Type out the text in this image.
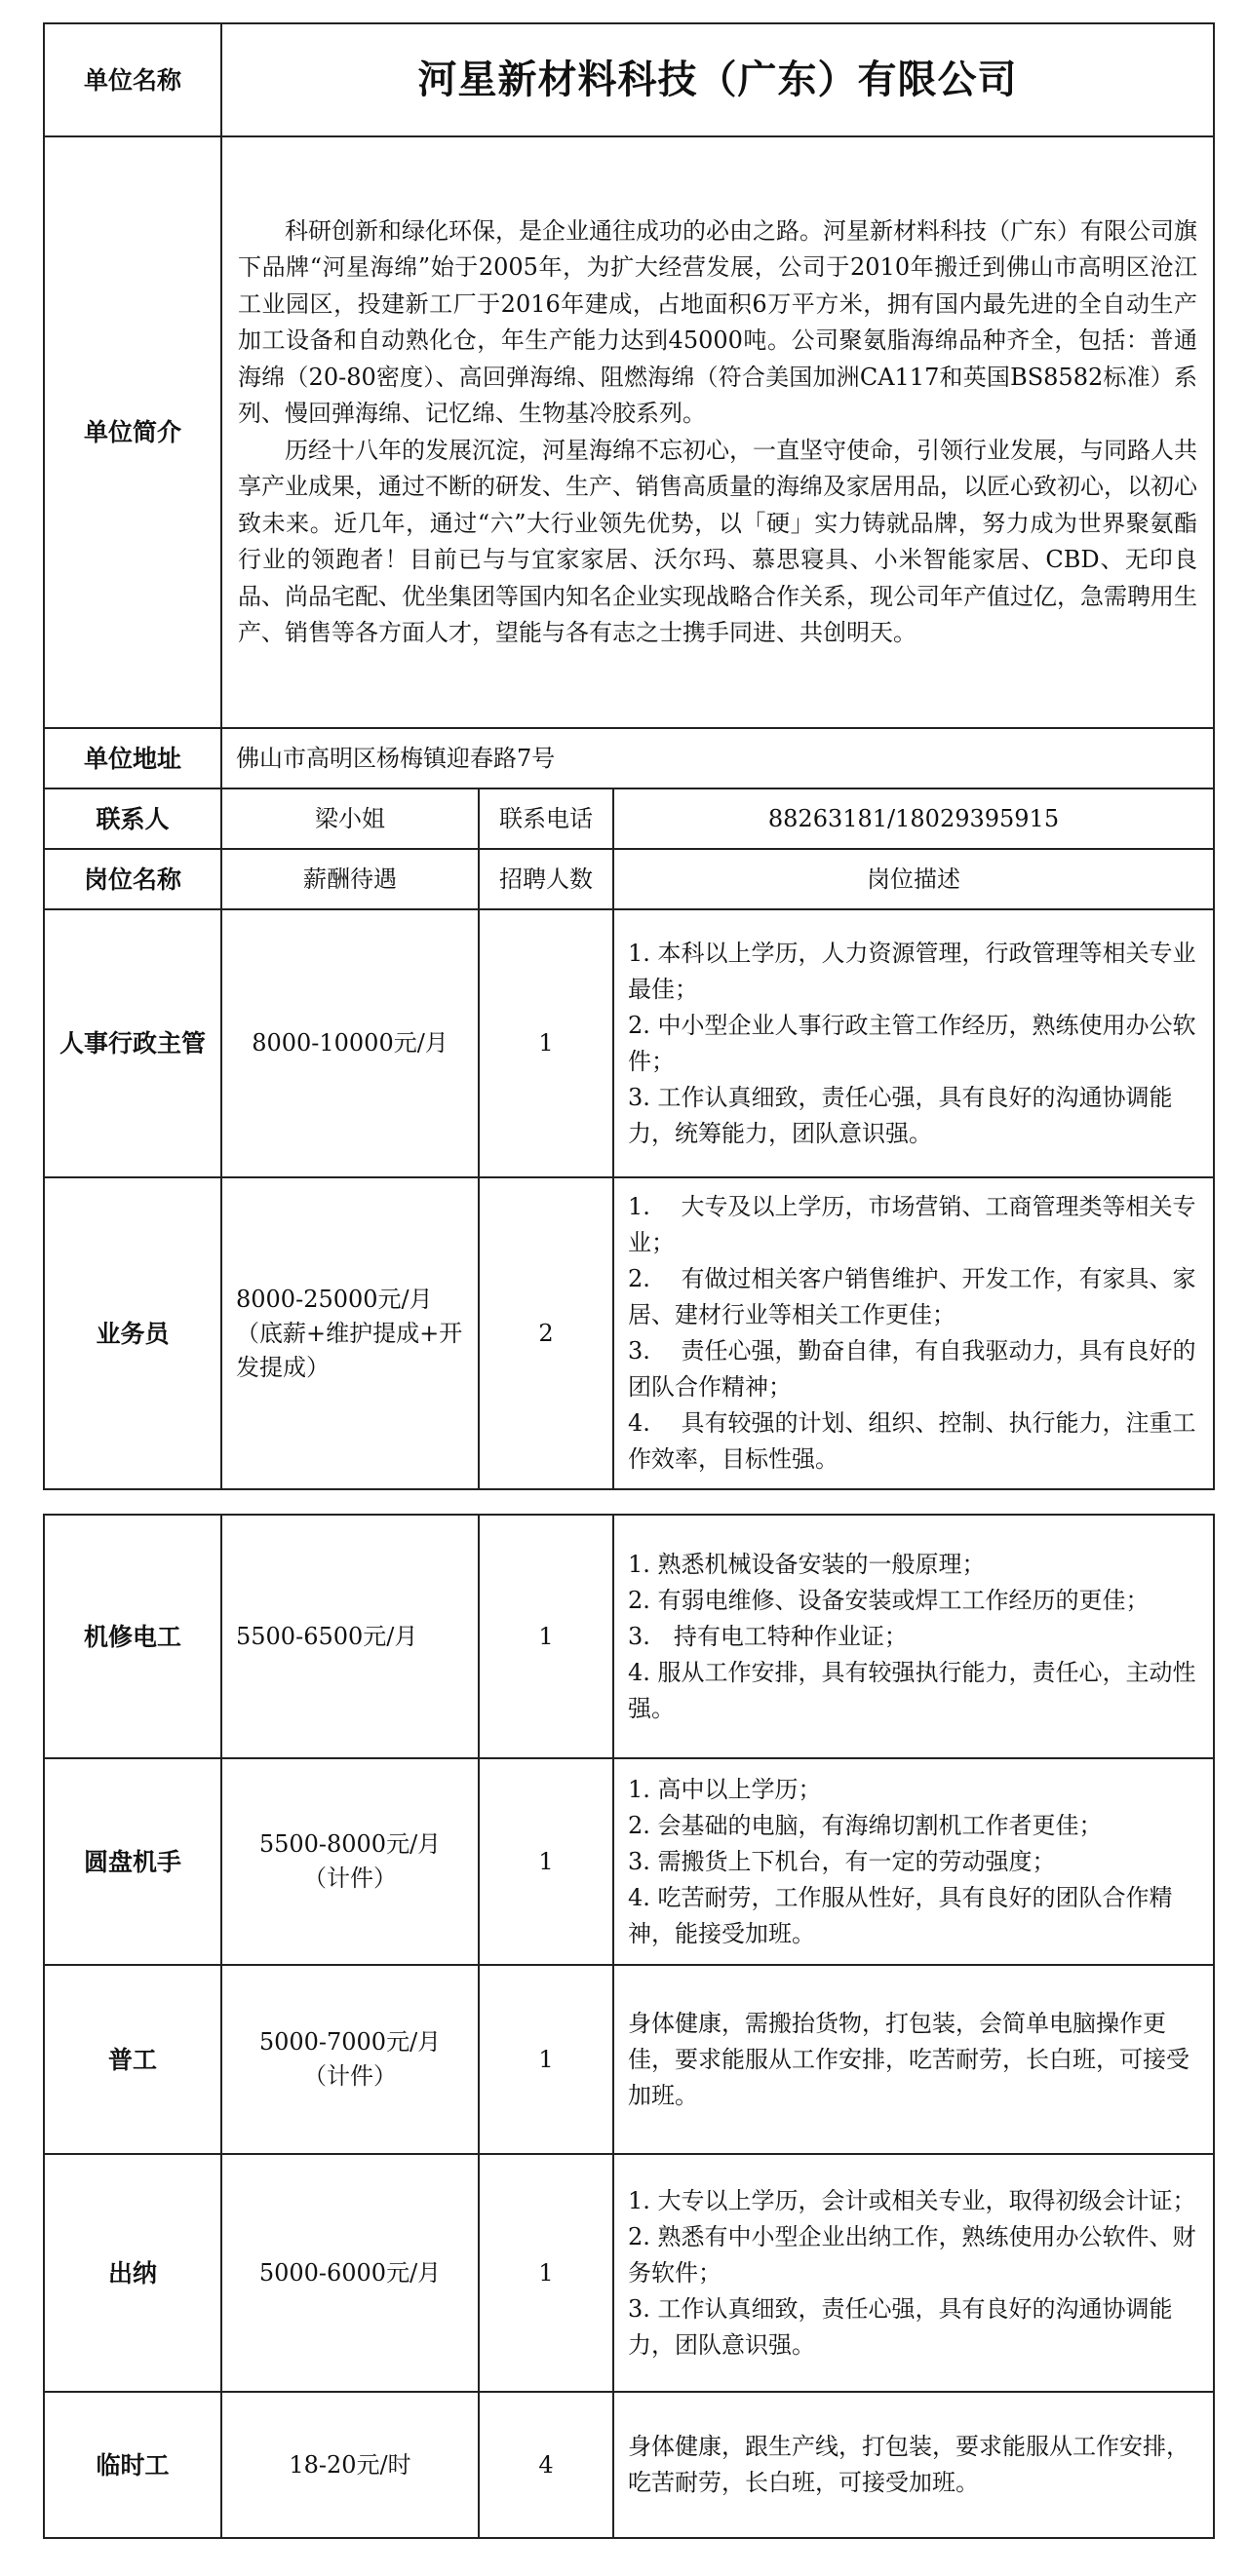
单位名称	河星新材料科技（广东）有限公司		
单位简介	科研创新和绿化环保，是企业通往成功的必由之路。河星新材料科技（广东）有限公司旗下品牌“河星海绵”始于2005年，为扩大经营发展，公司于2010年搬迁到佛山市高明区沧江工业园区，投建新工厂于2016年建成，占地面积6万平方米，拥有国内最先进的全自动生产加工设备和自动熟化仓，年生产能力达到45000吨。公司聚氨脂海绵品种齐全，包括：普通海绵（20-80密度）、高回弹海绵、阻燃海绵（符合美国加洲CA117和英国BS8582标准）系列、慢回弹海绵、记忆绵、生物基冷胶系列。

历经十八年的发展沉淀，河星海绵不忘初心，一直坚守使命，引领行业发展，与同路人共享产业成果，通过不断的研发、生产、销售高质量的海绵及家居用品，以匠心致初心，以初心致未来。近几年，通过“六”大行业领先优势，以「硬」实力铸就品牌，努力成为世界聚氨酯行业的领跑者！目前已与与宜家家居、沃尔玛、慕思寝具、小米智能家居、CBD、无印良品、尚品宅配、优坐集团等国内知名企业实现战略合作关系，现公司年产值过亿，急需聘用生产、销售等各方面人才，望能与各有志之士携手同进、共创明天。		

单位地址	佛山市高明区杨梅镇迎春路7号		
联系人	梁小姐	联系电话	88263181/18029395915
岗位名称	薪酬待遇	招聘人数	岗位描述
人事行政主管	8000-10000元/月	1	1. 本科以上学历，人力资源管理，行政管理等相关专业最佳；
2. 中小型企业人事行政主管工作经历，熟练使用办公软件；
3. 工作认真细致，责任心强，具有良好的沟通协调能力，统筹能力，团队意识强。

业务员	8000-25000元/月（底薪+维护提成+开发提成）	2	1.　 大专及以上学历，市场营销、工商管理类等相关专业；
2.　 有做过相关客户销售维护、开发工作，有家具、家居、建材行业等相关工作更佳；
3.　 责任心强，勤奋自律，有自我驱动力，具有良好的团队合作精神；
4.　 具有较强的计划、组织、控制、执行能力，注重工作效率，目标性强。
机修电工	5500-6500元/月	1	1. 熟悉机械设备安装的一般原理；
2. 有弱电维修、设备安装或焊工工作经历的更佳；
3.　持有电工特种作业证；
4. 服从工作安排，具有较强执行能力，责任心，主动性强。

圆盘机手	5500-8000元/月（计件）	1	1. 高中以上学历；
2. 会基础的电脑，有海绵切割机工作者更佳；
3. 需搬货上下机台，有一定的劳动强度；
4. 吃苦耐劳，工作服从性好，具有良好的团队合作精神，能接受加班。

普工	5000-7000元/月（计件）	1	身体健康，需搬抬货物，打包装，会简单电脑操作更佳，要求能服从工作安排，吃苦耐劳，长白班，可接受加班。

出纳	5000-6000元/月	1	1. 大专以上学历，会计或相关专业，取得初级会计证；
2. 熟悉有中小型企业出纳工作，熟练使用办公软件、财务软件；
3. 工作认真细致，责任心强，具有良好的沟通协调能力，团队意识强。

临时工	18-20元/时	4	身体健康，跟生产线，打包装，要求能服从工作安排，吃苦耐劳，长白班，可接受加班。
